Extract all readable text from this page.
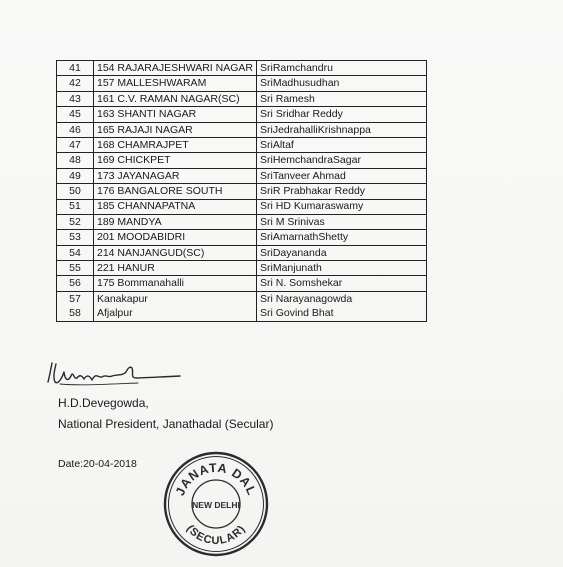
41	154 RAJARAJESHWARI NAGAR	SriRamchandru
42	157 MALLESHWARAM	SriMadhusudhan
43	161 C.V. RAMAN NAGAR(SC)	Sri Ramesh
45	163 SHANTI NAGAR	Sri Sridhar Reddy
46	165 RAJAJI NAGAR	SriJedrahalliKrishnappa
47	168 CHAMRAJPET	SriAltaf
48	169 CHICKPET	SriHemchandraSagar
49	173 JAYANAGAR	SriTanveer Ahmad
50	176 BANGALORE SOUTH	SriR Prabhakar Reddy
51	185 CHANNAPATNA	Sri HD Kumaraswamy
52	189 MANDYA	Sri M Srinivas
53	201 MOODABIDRI	SriAmarnathShetty
54	214 NANJANGUD(SC)	SriDayananda
55	221 HANUR	SriManjunath
56	175 Bommanahalli	Sri N. Somshekar
57	Kanakapur	Sri Narayanagowda
58	Afjalpur	Sri Govind Bhat
H.D.Devegowda,
National President, Janathadal (Secular)
Date:20-04-2018
JANATA DAL
NEW DELHI
(SECULAR)
